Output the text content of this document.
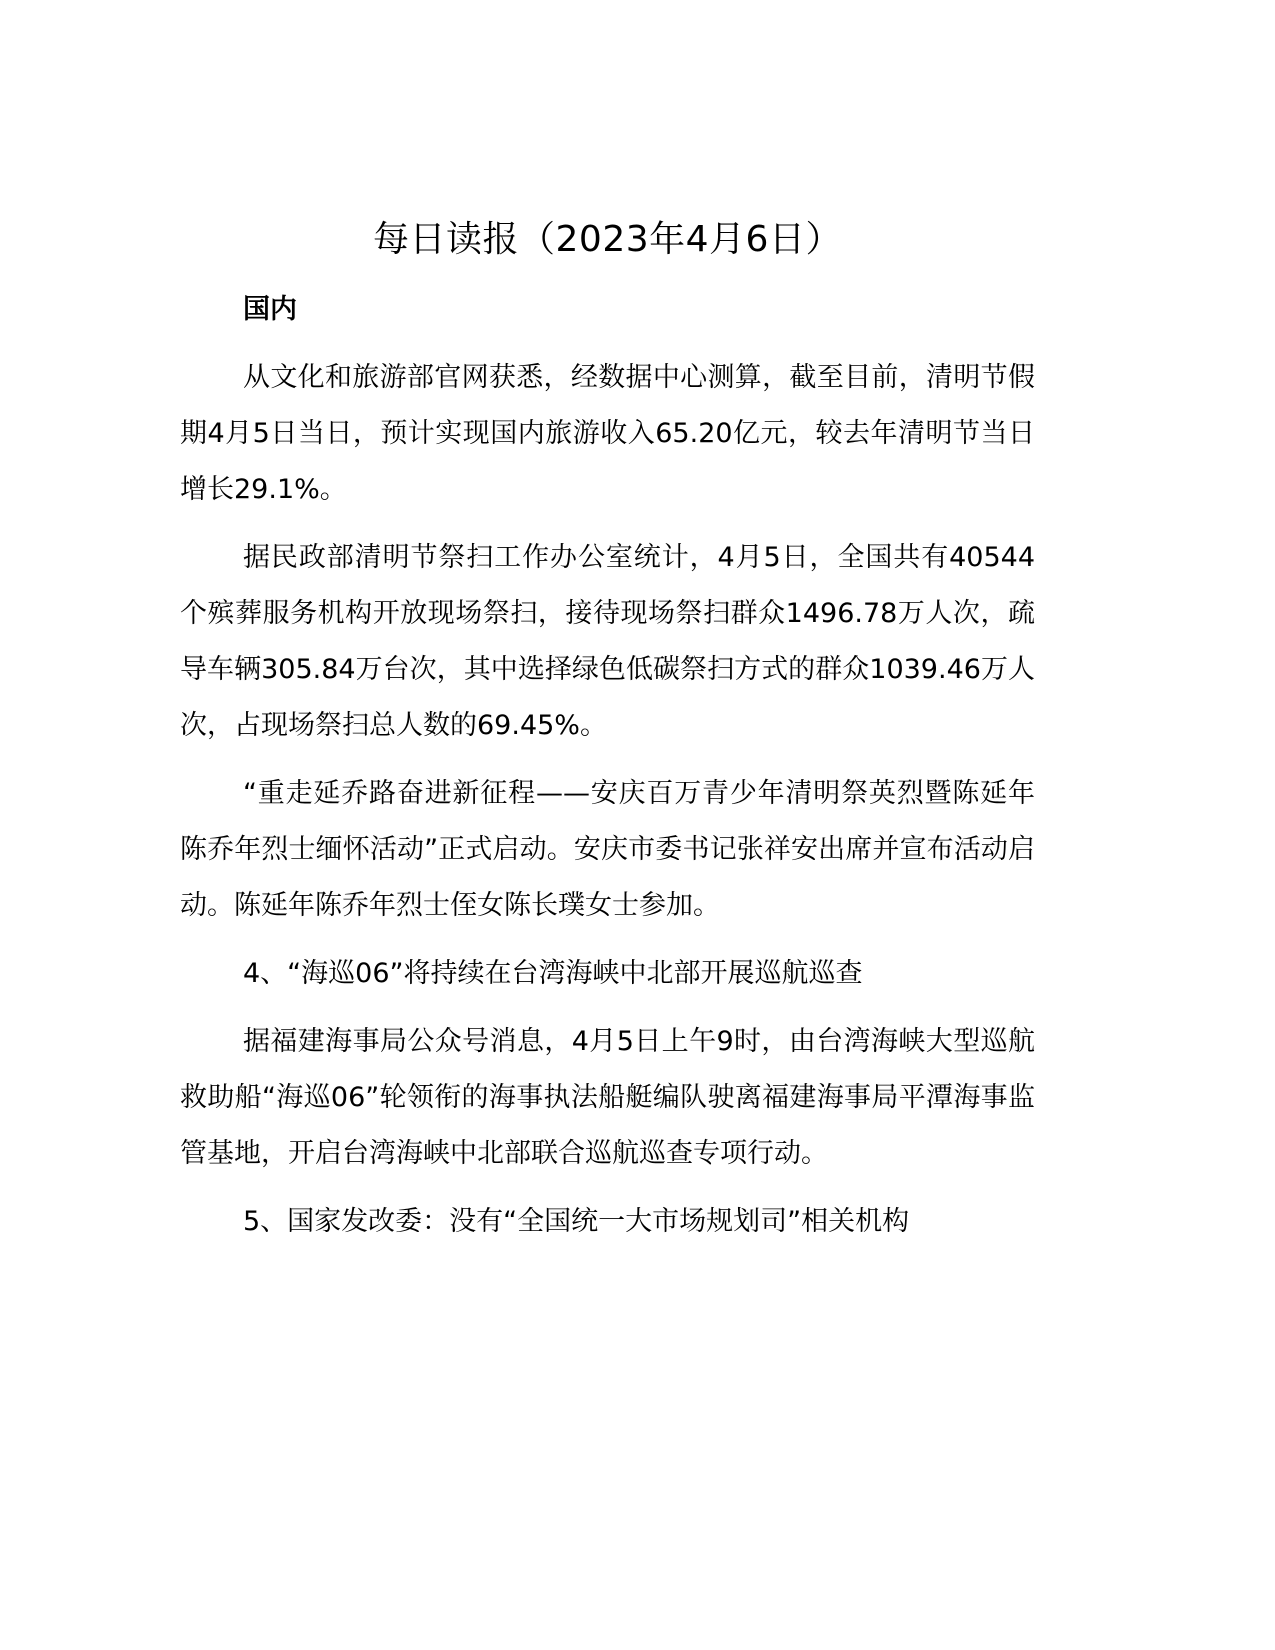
每日读报（2023年4月6日）

国内

从文化和旅游部官网获悉，经数据中心测算，截至目前，清明节假期4月5日当日，预计实现国内旅游收入65.20亿元，较去年清明节当日增长29.1%。

据民政部清明节祭扫工作办公室统计，4月5日，全国共有40544个殡葬服务机构开放现场祭扫，接待现场祭扫群众1496.78万人次，疏导车辆305.84万台次，其中选择绿色低碳祭扫方式的群众1039.46万人次，占现场祭扫总人数的69.45%。

“重走延乔路奋进新征程——安庆百万青少年清明祭英烈暨陈延年陈乔年烈士缅怀活动”正式启动。安庆市委书记张祥安出席并宣布活动启动。陈延年陈乔年烈士侄女陈长璞女士参加。

4、“海巡06”将持续在台湾海峡中北部开展巡航巡查

据福建海事局公众号消息，4月5日上午9时，由台湾海峡大型巡航救助船“海巡06”轮领衔的海事执法船艇编队驶离福建海事局平潭海事监管基地，开启台湾海峡中北部联合巡航巡查专项行动。

5、国家发改委：没有“全国统一大市场规划司”相关机构
